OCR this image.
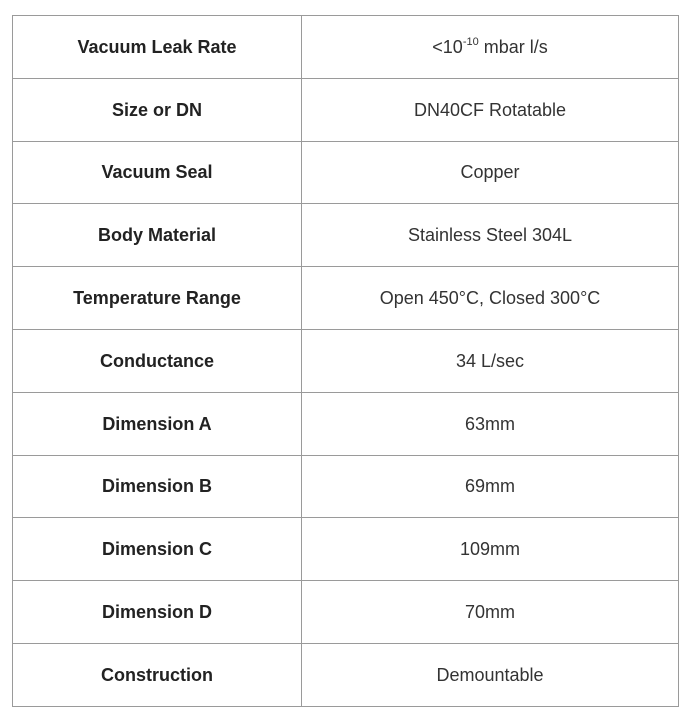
Vacuum Leak Rate	$<10^{-10}$ mbar l/s
Size or DN	DN40CF Rotatable
Vacuum Seal	Copper
Body Material	Stainless Steel 304L
Temperature Range	Open 450°C, Closed 300°C
Conductance	34 L/sec
Dimension A	63mm
Dimension B	69mm
Dimension C	109mm
Dimension D	70mm
Construction	Demountable
